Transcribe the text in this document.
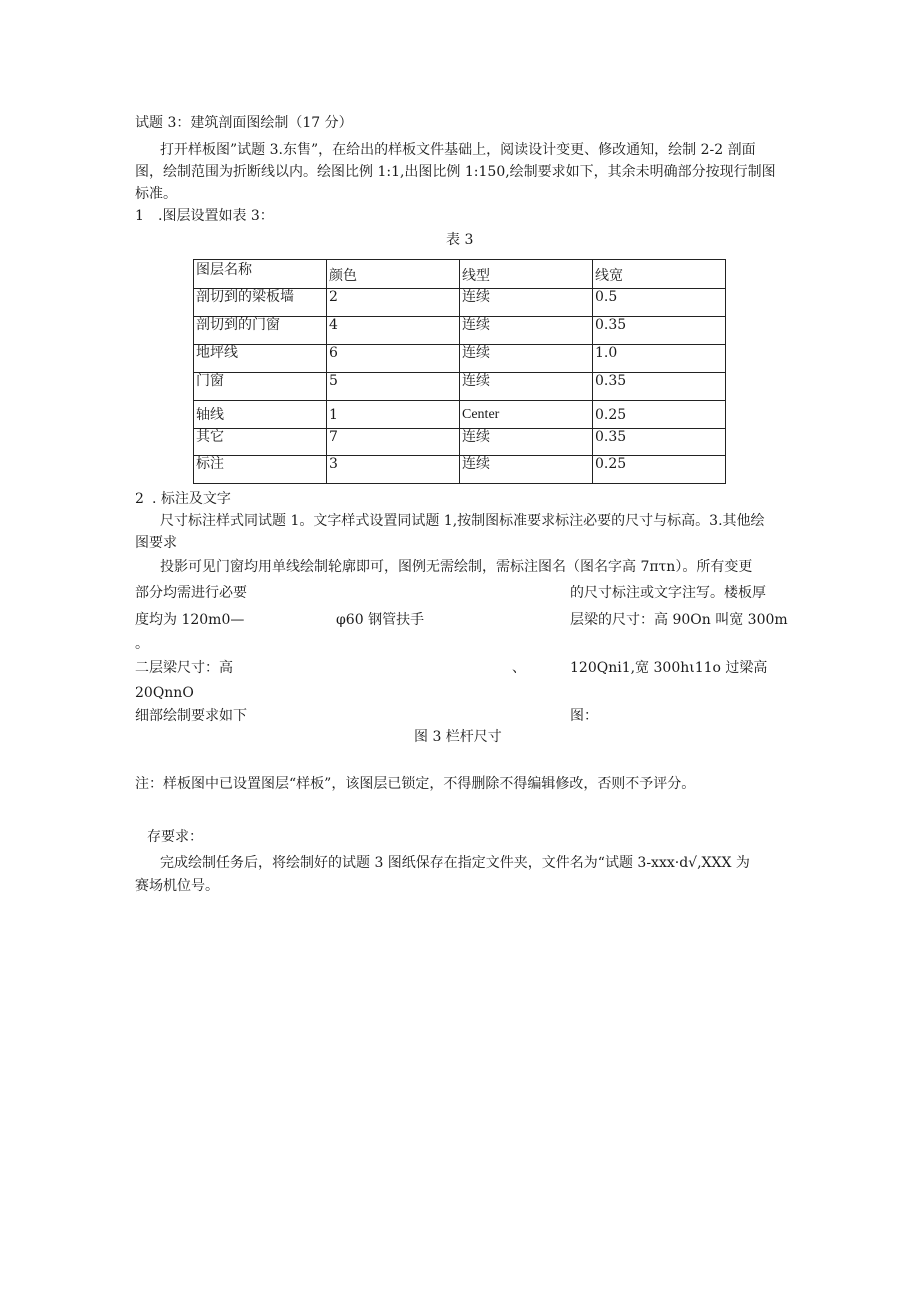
试题 3：建筑剖面图绘制（17 分）
打开样板图”试题 3.东售”，在给出的样板文件基础上，阅读设计变更、修改通知，绘制 2-2 剖面
图，绘制范围为折断线以内。绘图比例 1:1,出图比例 1:150,绘制要求如下，其余未明确部分按现行制图
标准。
1 .图层设置如表 3：
表 3
图层名称	颜色	线型	线宽
剖切到的梁板墙	2	连续	0.5
剖切到的门窗	4	连续	0.35
地坪线	6	连续	1.0
门窗	5	连续	0.35
轴线	1	Center	0.25
其它	7	连续	0.35
标注	3	连续	0.25
2 . 标注及文字
尺寸标注样式同试题 1。文字样式设置同试题 1,按制图标准要求标注必要的尺寸与标高。3.其他绘
图要求
投影可见门窗均用单线绘制轮廓即可，图例无需绘制，需标注图名（图名字高 7πτn）。所有变更
部分均需进行必要	的尺寸标注或文字注写。楼板厚
度均为 120m0—	φ60 钢管扶手	层梁的尺寸：高 90On 叫宽 300m
。
二层梁尺寸：高	、	120Qni1,宽 300hι11o 过梁高
20QnnO
细部绘制要求如下	图：
图 3 栏杆尺寸
注：样板图中已设置图层“样板”，该图层已锁定，不得删除不得编辑修改，否则不予评分。
存要求：
完成绘制任务后，将绘制好的试题 3 图纸保存在指定文件夹，文件名为“试题 3-xxx·d√,XXX 为
赛场机位号。
